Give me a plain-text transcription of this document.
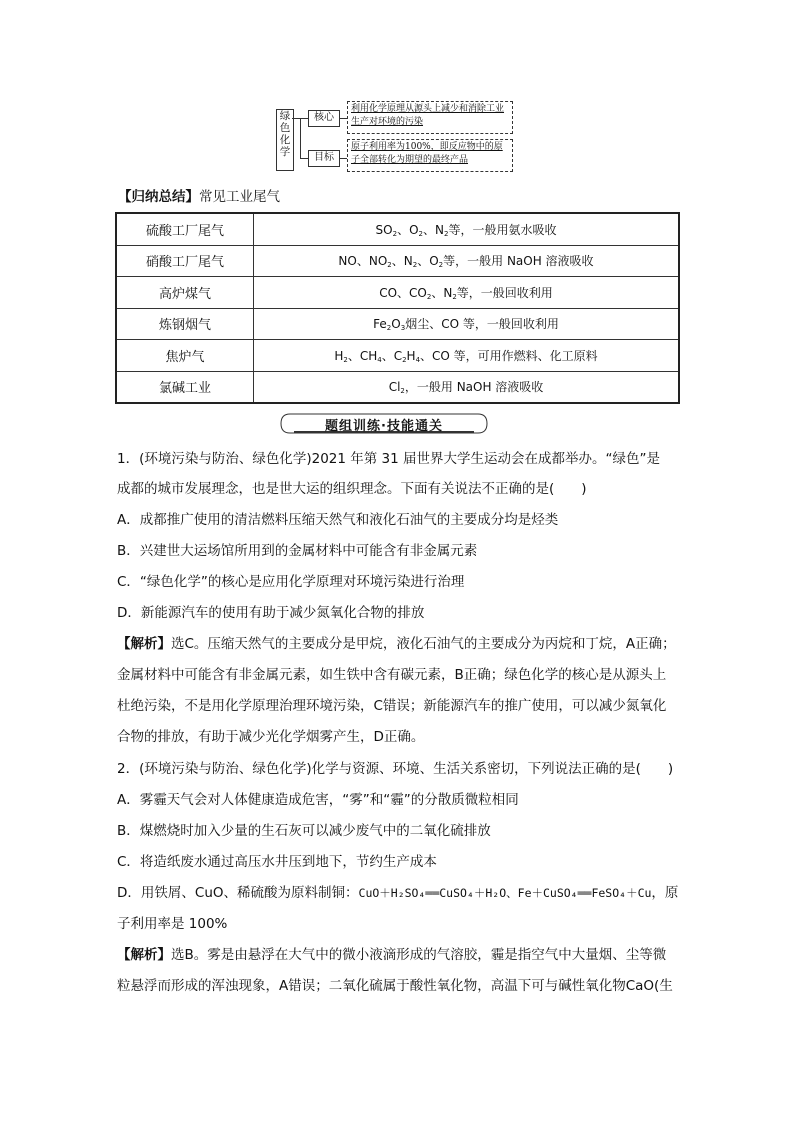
绿色化学
核心
利用化学原理从源头上减少和消除工业生产对环境的污染
目标
原子利用率为100%，即反应物中的原子全部转化为期望的最终产品
【归纳总结】常见工业尾气
硫酸工厂尾气	$SO_2$、$O_2$、$N_2$等，一般用氨水吸收
硝酸工厂尾气	NO、$NO_2$、$N_2$、$O_2$等，一般用 NaOH 溶液吸收
高炉煤气	CO、$CO_2$、$N_2$等，一般回收利用
炼钢烟气	$Fe_2O_3$烟尘、CO 等，一般回收利用
焦炉气	$H_2$、$CH_4$、$C_2H_4$、CO 等，可用作燃料、化工原料
氯碱工业	$Cl_2$，一般用 NaOH 溶液吸收
题组训练·技能通关
1．(环境污染与防治、绿色化学)2021 年第 31 届世界大学生运动会在成都举办。“绿色”是
成都的城市发展理念，也是世大运的组织理念。下面有关说法不正确的是(　　)
A．成都推广使用的清洁燃料压缩天然气和液化石油气的主要成分均是烃类
B．兴建世大运场馆所用到的金属材料中可能含有非金属元素
C．“绿色化学”的核心是应用化学原理对环境污染进行治理
D．新能源汽车的使用有助于减少氮氧化合物的排放
【解析】选C。压缩天然气的主要成分是甲烷，液化石油气的主要成分为丙烷和丁烷，A正确；
金属材料中可能含有非金属元素，如生铁中含有碳元素，B正确；绿色化学的核心是从源头上
杜绝污染，不是用化学原理治理环境污染，C错误；新能源汽车的推广使用，可以减少氮氧化
合物的排放，有助于减少光化学烟雾产生，D正确。
2．(环境污染与防治、绿色化学)化学与资源、环境、生活关系密切，下列说法正确的是(　　)
A．雾霾天气会对人体健康造成危害，“雾”和“霾”的分散质微粒相同
B．煤燃烧时加入少量的生石灰可以减少废气中的二氧化硫排放
C．将造纸废水通过高压水井压到地下，节约生产成本
D．用铁屑、CuO、稀硫酸为原料制铜：CuO＋H₂SO₄══CuSO₄＋H₂O、Fe＋CuSO₄══FeSO₄＋Cu，原
子利用率是 100%
【解析】选B。雾是由悬浮在大气中的微小液滴形成的气溶胶，霾是指空气中大量烟、尘等微
粒悬浮而形成的浑浊现象，A错误；二氧化硫属于酸性氧化物，高温下可与碱性氧化物CaO(生
